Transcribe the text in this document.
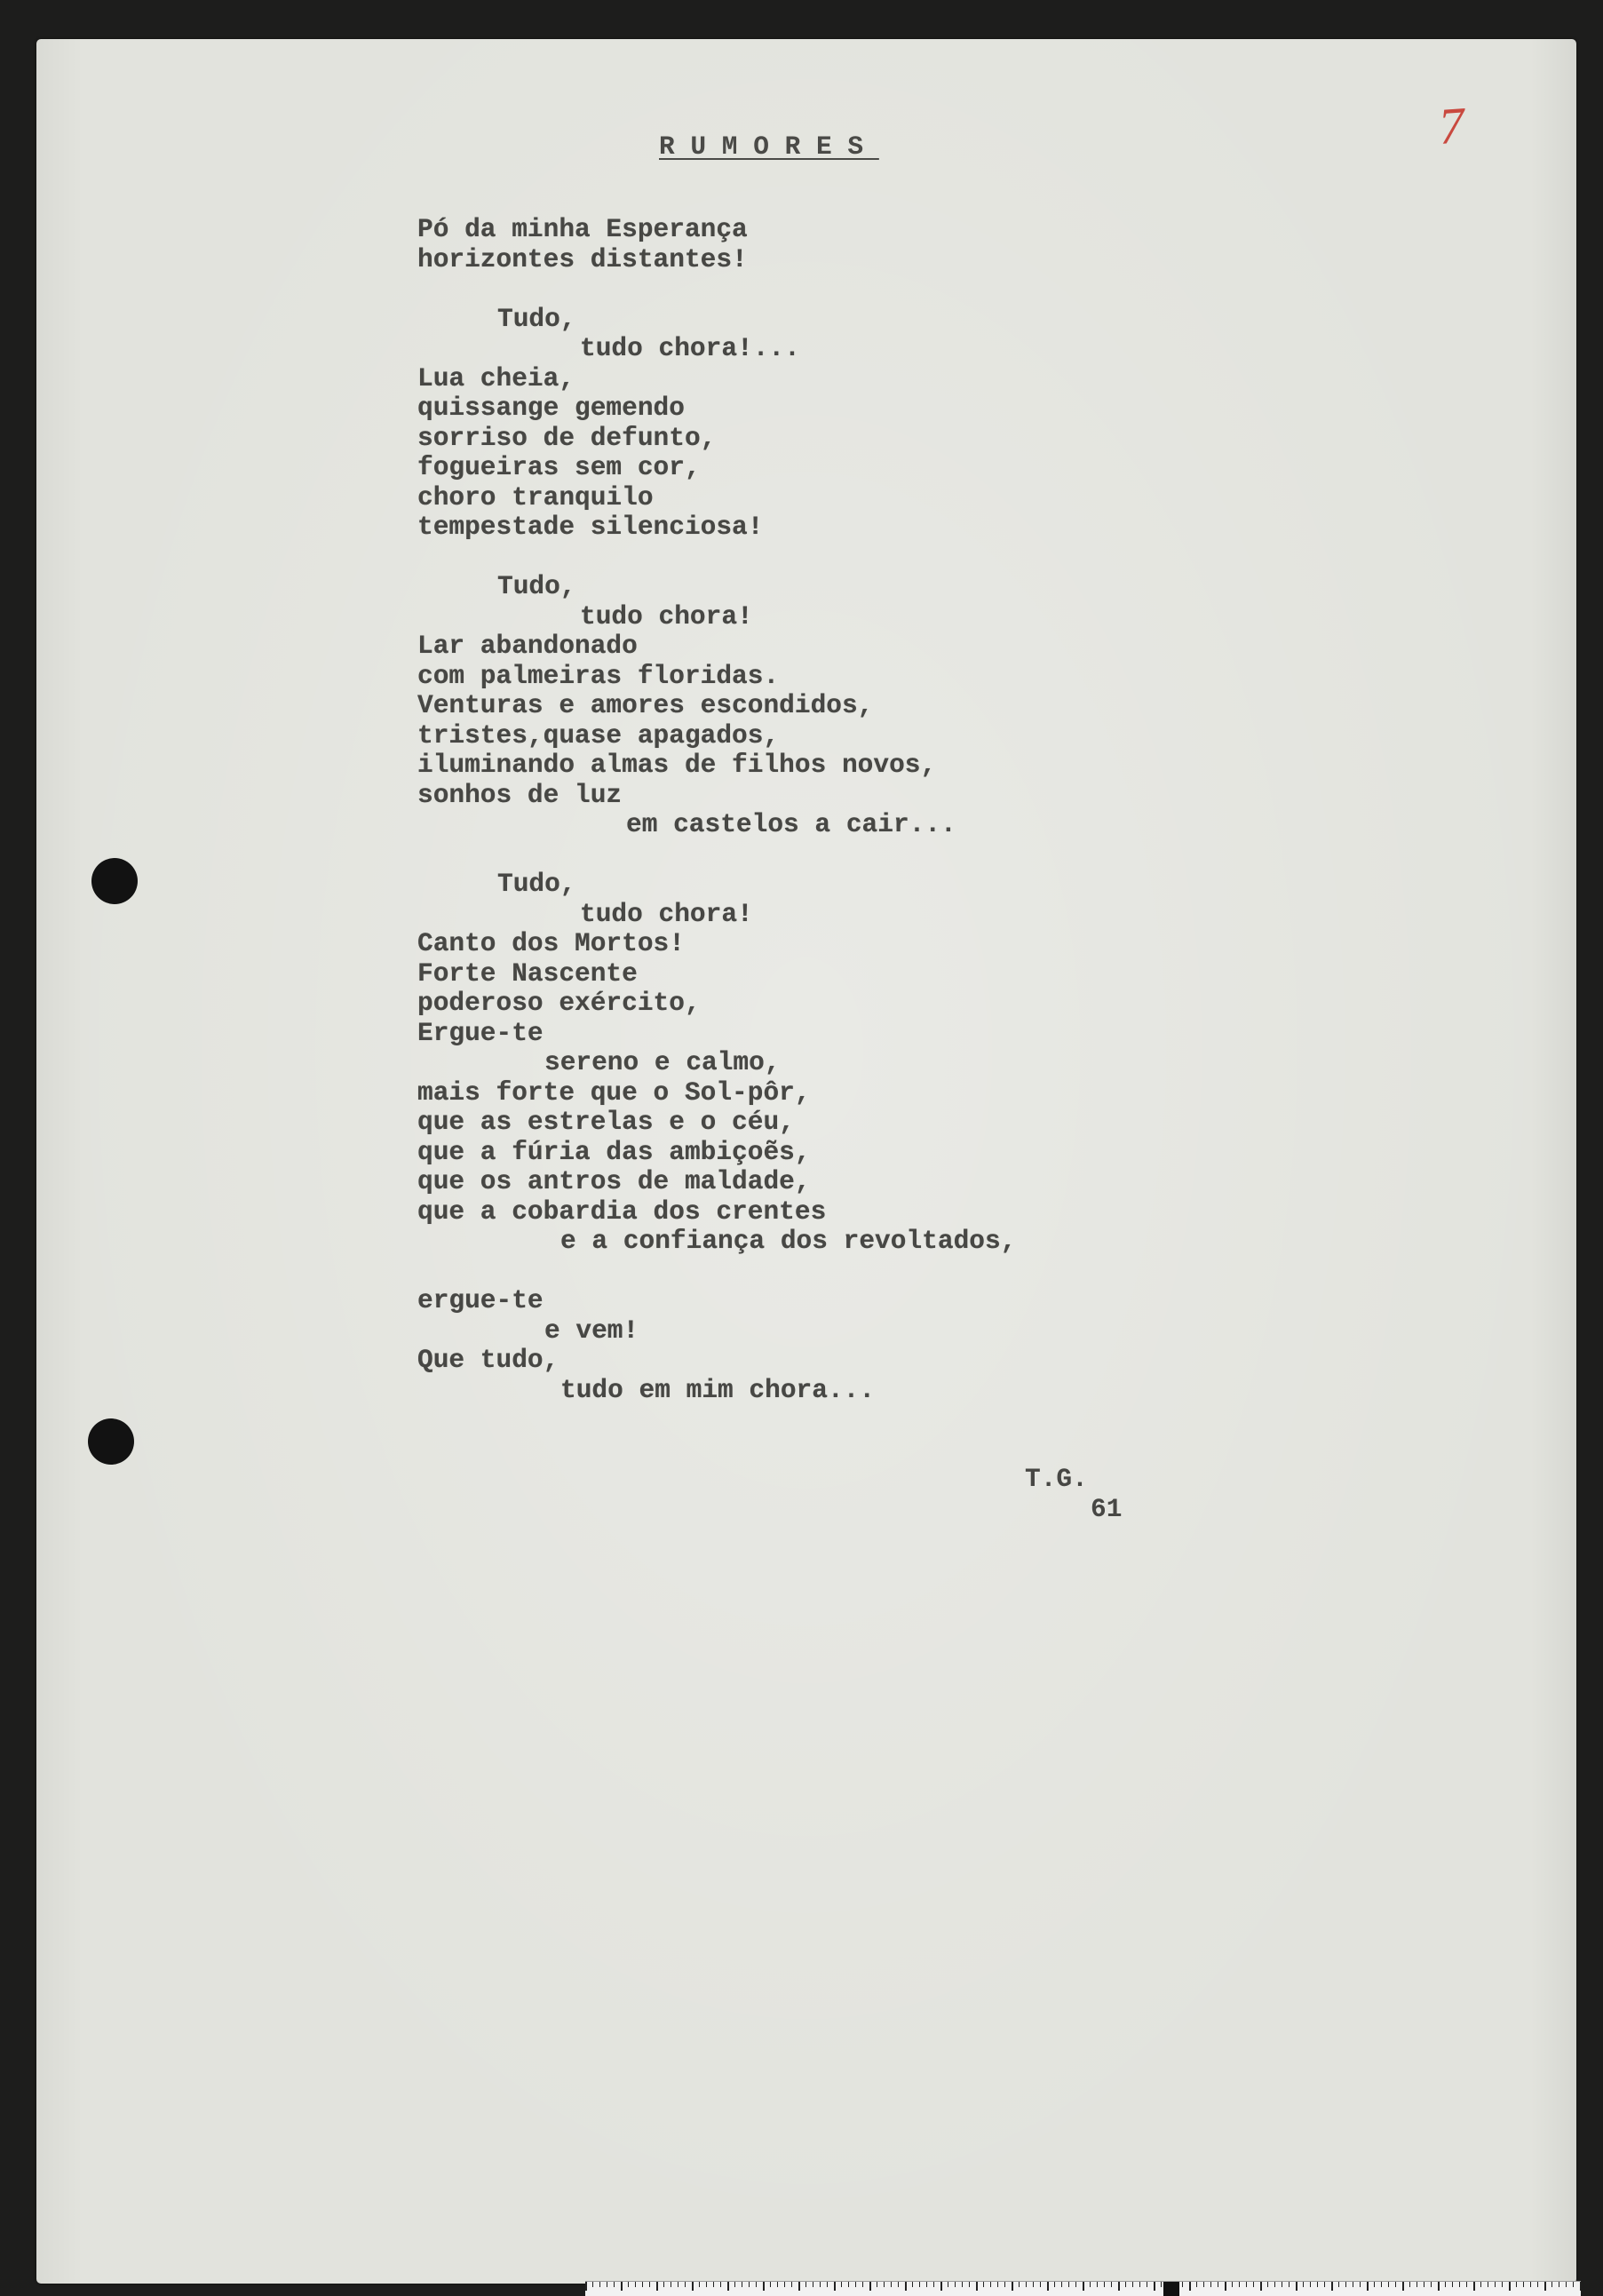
7
RUMORES
Pó da minha Esperança
horizontes distantes!
Tudo,
tudo chora!...
Lua cheia,
quissange gemendo
sorriso de defunto,
fogueiras sem cor,
choro tranquilo
tempestade silenciosa!
Tudo,
tudo chora!
Lar abandonado
com palmeiras floridas.
Venturas e amores escondidos,
tristes,quase apagados,
iluminando almas de filhos novos,
sonhos de luz
em castelos a cair...
Tudo,
tudo chora!
Canto dos Mortos!
Forte Nascente
poderoso exército,
Ergue-te
sereno e calmo,
mais forte que o Sol-pôr,
que as estrelas e o céu,
que a fúria das ambiçoẽs,
que os antros de maldade,
que a cobardia dos crentes
e a confiança dos revoltados,
ergue-te
e vem!
Que tudo,
tudo em mim chora...
T.G.
61
